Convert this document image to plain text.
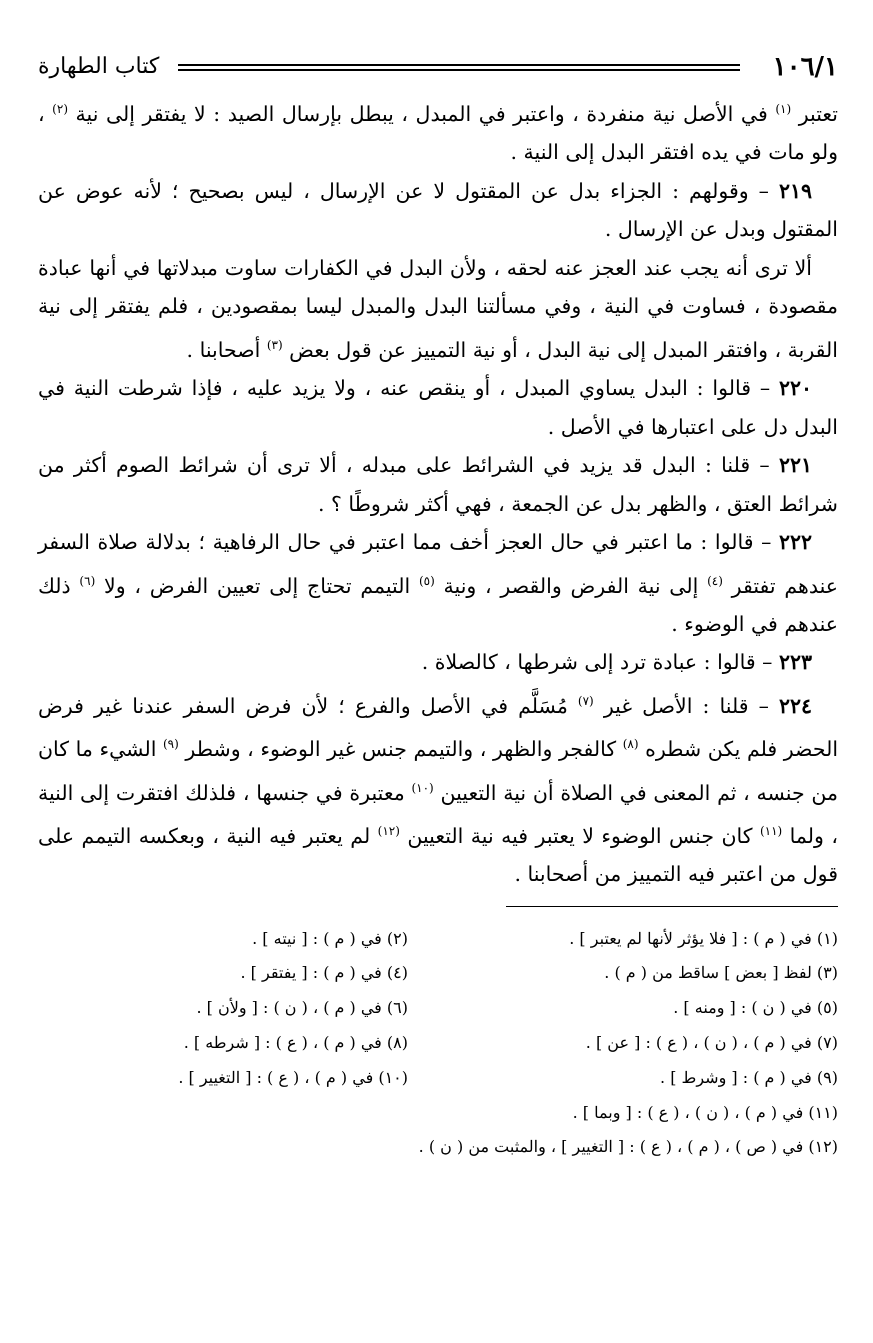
١٠٦/١
كتاب الطهارة

تعتبر $^{(١)}$ في الأصل نية منفردة ، واعتبر في المبدل ، يبطل بإرسال الصيد : لا يفتقر إلى نية $^{(٢)}$ ، ولو مات في يده افتقر البدل إلى النية .

٢١٩ – وقولهم : الجزاء بدل عن المقتول لا عن الإرسال ، ليس بصحيح ؛ لأنه عوض عن المقتول وبدل عن الإرسال .

ألا ترى أنه يجب عند العجز عنه لحقه ، ولأن البدل في الكفارات ساوت مبدلاتها في أنها عبادة مقصودة ، فساوت في النية ، وفي مسألتنا البدل والمبدل ليسا بمقصودين ، فلم يفتقر إلى نية القربة ، وافتقر المبدل إلى نية البدل ، أو نية التمييز عن قول بعض $^{(٣)}$ أصحابنا .

٢٢٠ – قالوا : البدل يساوي المبدل ، أو ينقص عنه ، ولا يزيد عليه ، فإذا شرطت النية في البدل دل على اعتبارها في الأصل .

٢٢١ – قلنا : البدل قد يزيد في الشرائط على مبدله ، ألا ترى أن شرائط الصوم أكثر من شرائط العتق ، والظهر بدل عن الجمعة ، فهي أكثر شروطًا ؟ .

٢٢٢ – قالوا : ما اعتبر في حال العجز أخف مما اعتبر في حال الرفاهية ؛ بدلالة صلاة السفر عندهم تفتقر $^{(٤)}$ إلى نية الفرض والقصر ، ونية $^{(٥)}$ التيمم تحتاج إلى تعيين الفرض ، ولا $^{(٦)}$ ذلك عندهم في الوضوء .

٢٢٣ – قالوا : عبادة ترد إلى شرطها ، كالصلاة .

٢٢٤ – قلنا : الأصل غير $^{(٧)}$ مُسَلَّم في الأصل والفرع ؛ لأن فرض السفر عندنا غير فرض الحضر فلم يكن شطره $^{(٨)}$ كالفجر والظهر ، والتيمم جنس غير الوضوء ، وشطر $^{(٩)}$ الشيء ما كان من جنسه ، ثم المعنى في الصلاة أن نية التعيين $^{(١٠)}$ معتبرة في جنسها ، فلذلك افتقرت إلى النية ، ولما $^{(١١)}$ كان جنس الوضوء لا يعتبر فيه نية التعيين $^{(١٢)}$ لم يعتبر فيه النية ، وبعكسه التيمم على قول من اعتبر فيه التمييز من أصحابنا .

(١) في ( م ) : [ فلا يؤثر لأنها لم يعتبر ] .
(٢) في ( م ) : [ نيته ] .
(٣) لفظ [ بعض ] ساقط من ( م ) .
(٤) في ( م ) : [ يفتقر ] .
(٥) في ( ن ) : [ ومنه ] .
(٦) في ( م ) ، ( ن ) : [ ولأن ] .
(٧) في ( م ) ، ( ن ) ، ( ع ) : [ عن ] .
(٨) في ( م ) ، ( ع ) : [ شرطه ] .
(٩) في ( م ) : [ وشرط ] .
(١٠) في ( م ) ، ( ع ) : [ التغيير ] .
(١١) في ( م ) ، ( ن ) ، ( ع ) : [ وبما ] .
(١٢) في ( ص ) ، ( م ) ، ( ع ) : [ التغيير ] ، والمثبت من ( ن ) .
